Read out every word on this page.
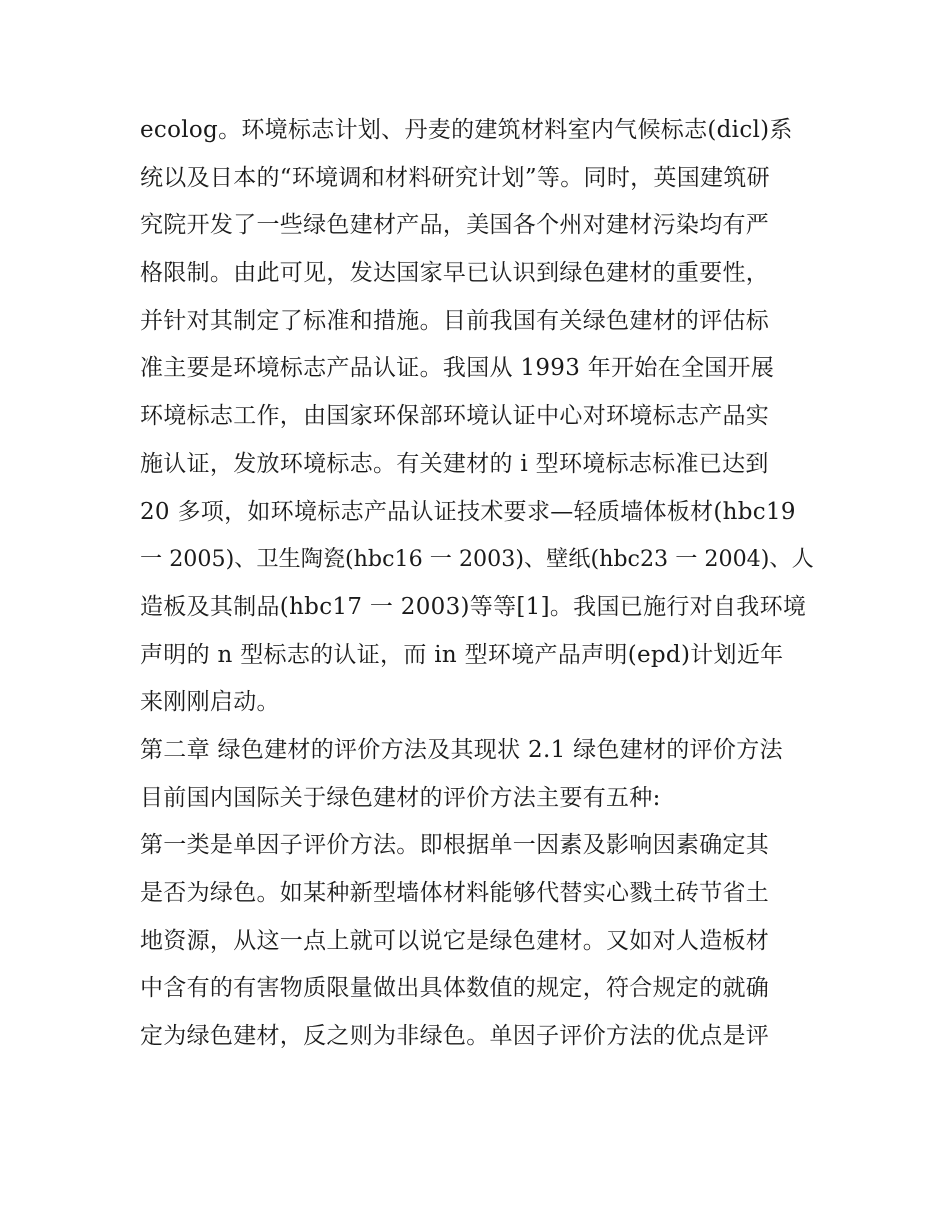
ecolog。环境标志计划、丹麦的建筑材料室内气候标志(dicl)系
统以及日本的“环境调和材料研究计划”等。同时，英国建筑研
究院开发了一些绿色建材产品，美国各个州对建材污染均有严
格限制。由此可见，发达国家早已认识到绿色建材的重要性，
并针对其制定了标准和措施。目前我国有关绿色建材的评估标
准主要是环境标志产品认证。我国从 1993 年开始在全国开展
环境标志工作，由国家环保部环境认证中心对环境标志产品实
施认证，发放环境标志。有关建材的 i 型环境标志标准已达到
20 多项，如环境标志产品认证技术要求—轻质墙体板材(hbc19
一 2005)、卫生陶瓷(hbc16 一 2003)、壁纸(hbc23 一 2004)、人
造板及其制品(hbc17 一 2003)等等[1]。我国已施行对自我环境
声明的 n 型标志的认证，而 in 型环境产品声明(epd)计划近年
来刚刚启动。
第二章 绿色建材的评价方法及其现状 2.1 绿色建材的评价方法
目前国内国际关于绿色建材的评价方法主要有五种:
第一类是单因子评价方法。即根据单一因素及影响因素确定其
是否为绿色。如某种新型墙体材料能够代替实心戮土砖节省土
地资源，从这一点上就可以说它是绿色建材。又如对人造板材
中含有的有害物质限量做出具体数值的规定，符合规定的就确
定为绿色建材，反之则为非绿色。单因子评价方法的优点是评
